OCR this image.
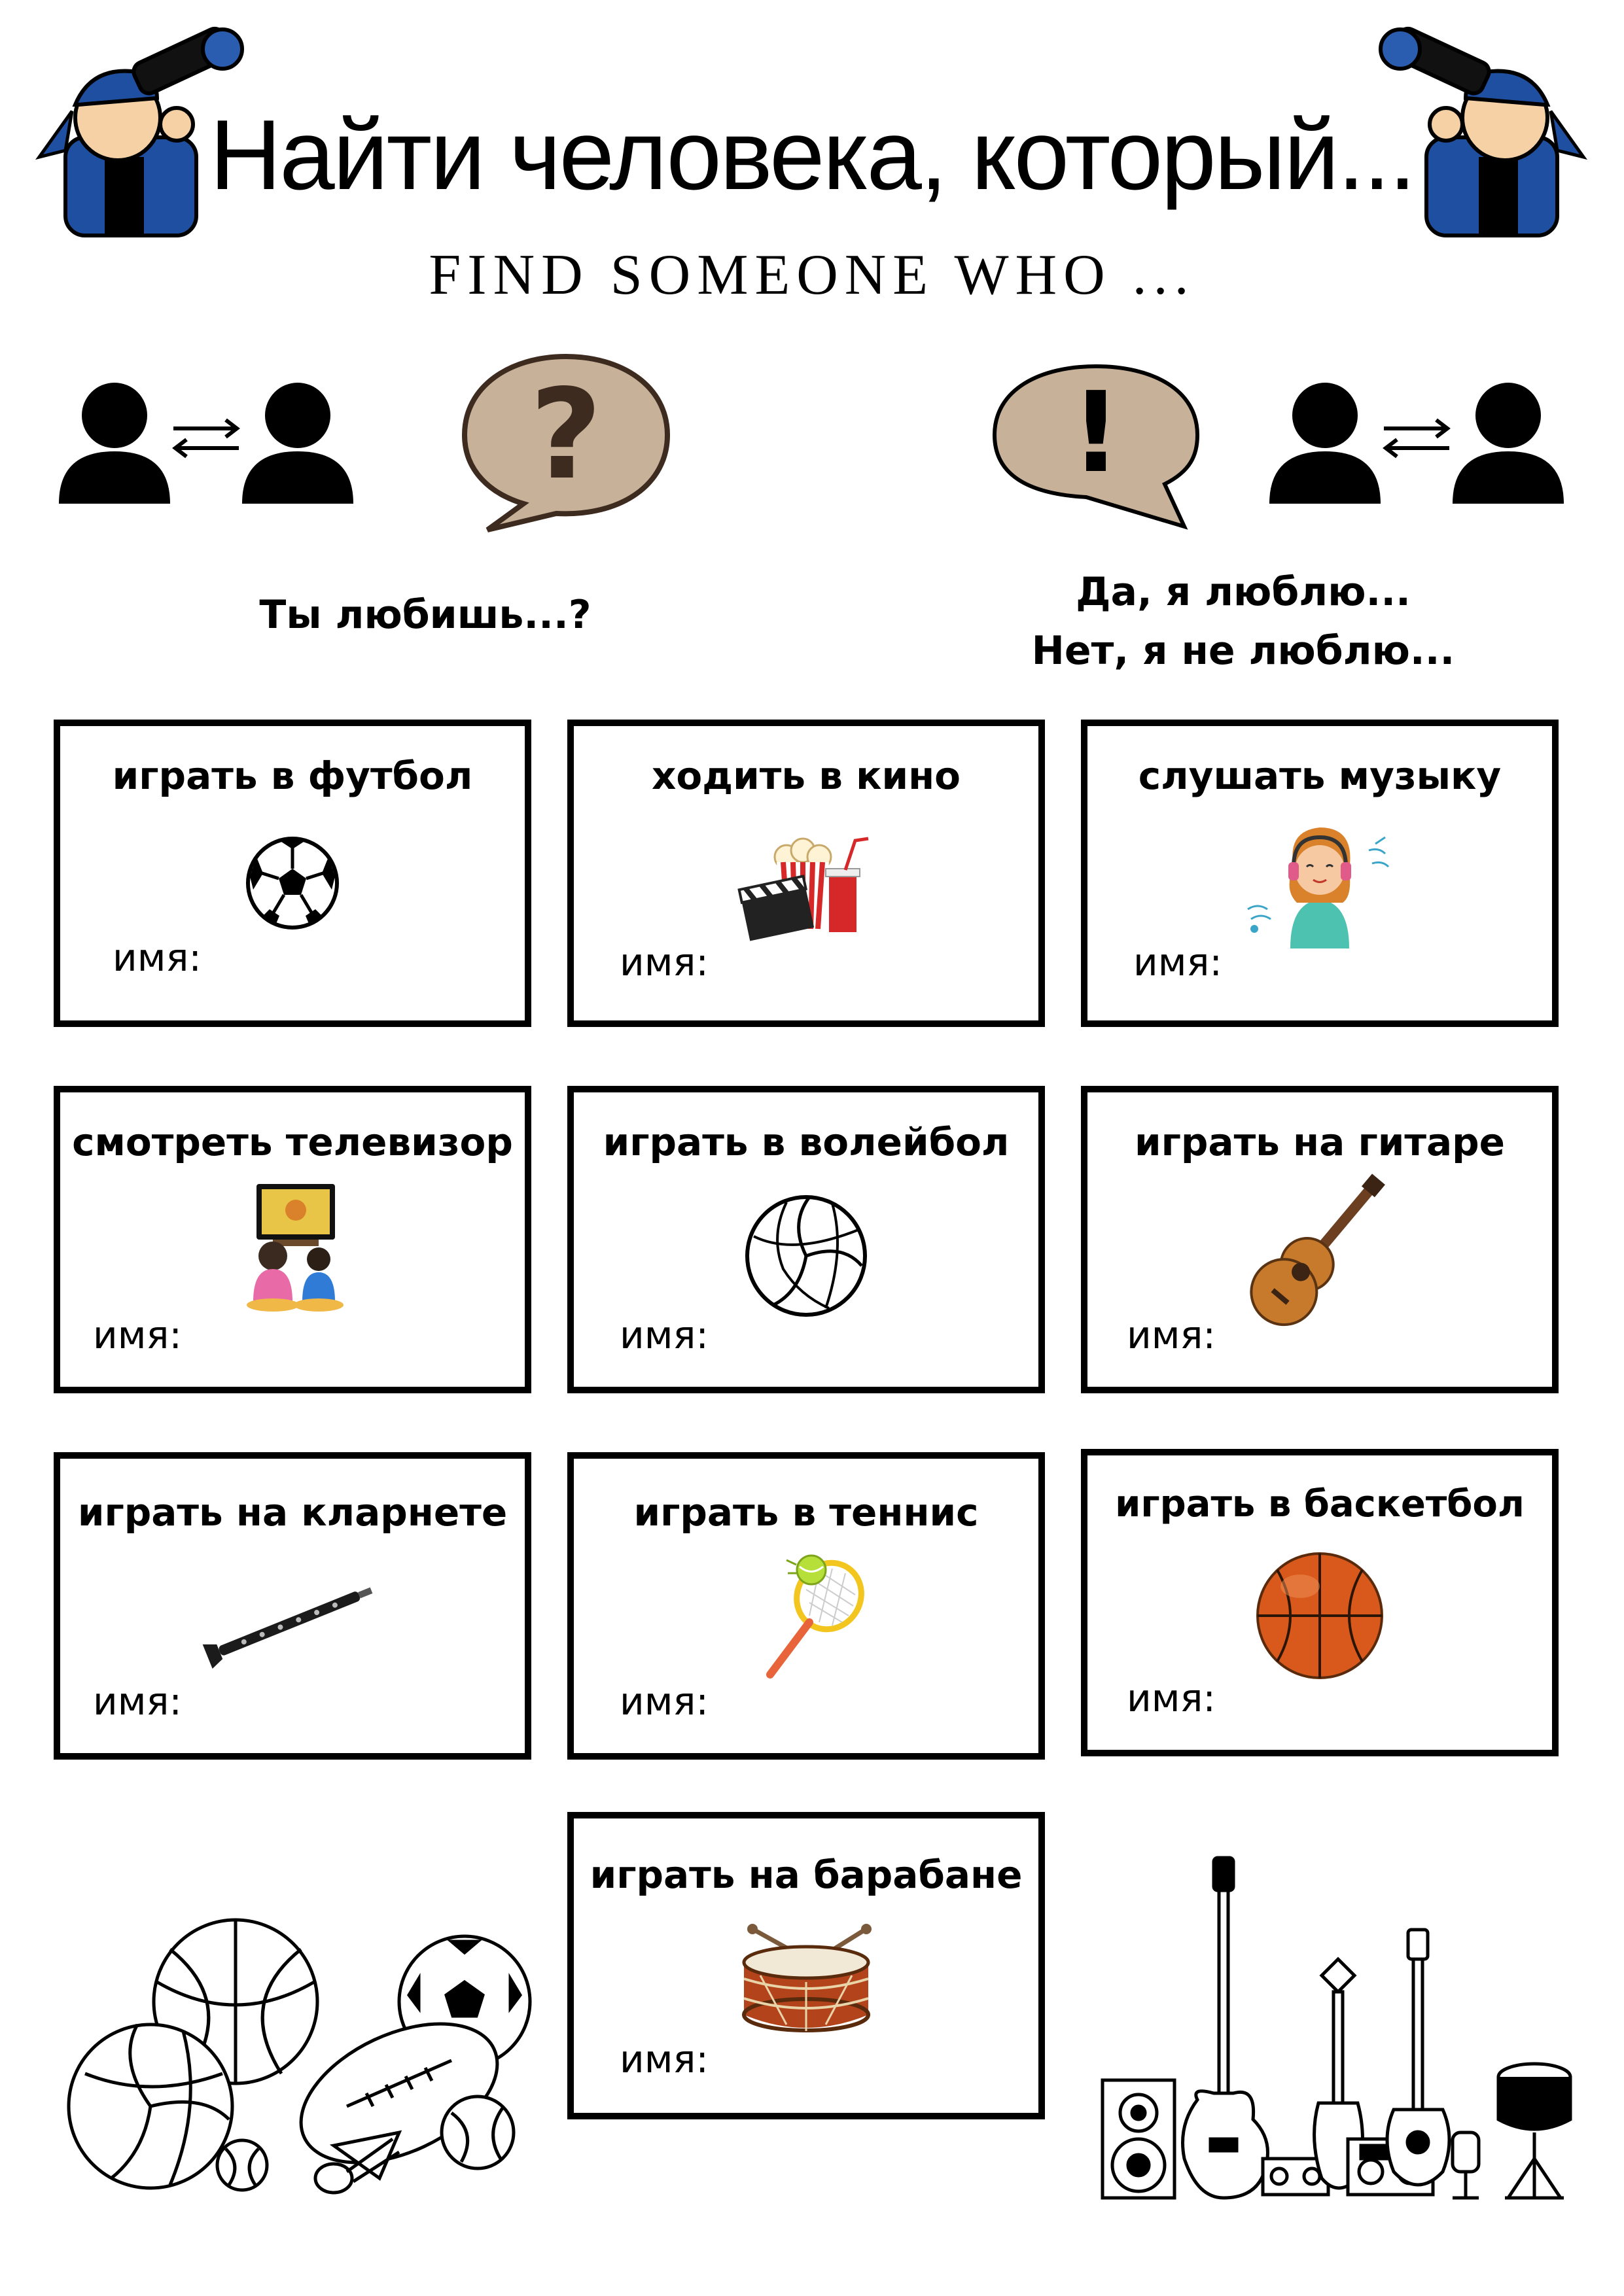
Найти человека, который...
FIND SOMEONE WHO ...
?	!
Ты любишь...?	Да, я люблю...
Нет, я не люблю...
играть в футбол
имя:
ходить в кино
имя:
слушать музыку
имя:
смотреть телевизор
имя:
играть в волейбол
имя:
играть на гитаре
имя:
играть на кларнете
имя:
играть в теннис
имя:
играть в баскетбол
имя:
играть на барабане
имя:
